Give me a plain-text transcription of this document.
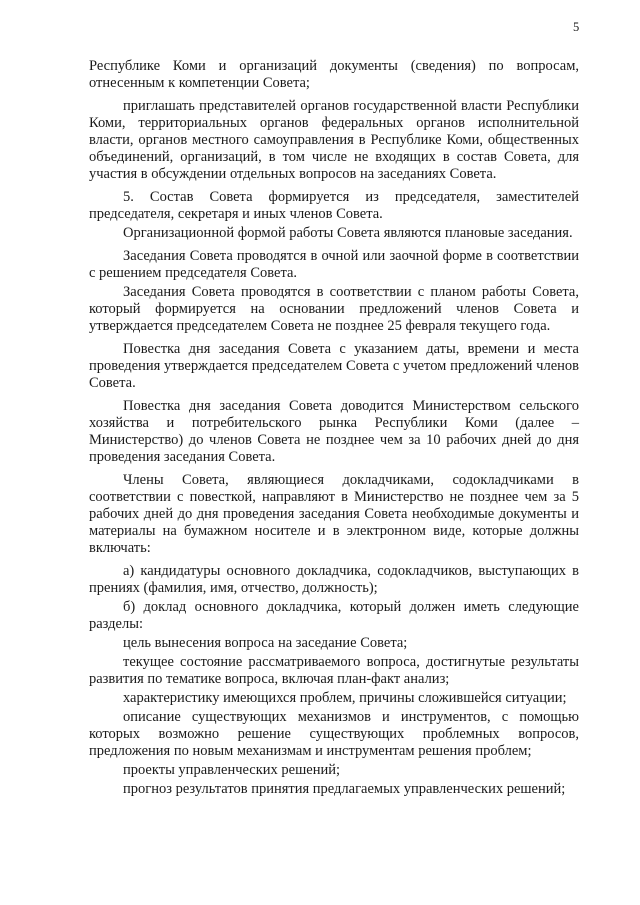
5

Республике Коми и организаций документы (сведения) по вопросам, отнесенным к компетенции Совета;

приглашать представителей органов государственной власти Республики Коми, территориальных органов федеральных органов исполнительной власти, органов местного самоуправления в Республике Коми, общественных объединений, организаций, в том числе не входящих в состав Совета, для участия в обсуждении отдельных вопросов на заседаниях Совета.

5. Состав Совета формируется из председателя, заместителей председателя, секретаря и иных членов Совета.

Организационной формой работы Совета являются плановые заседания.

Заседания Совета проводятся в очной или заочной форме в соответствии с решением председателя Совета.

Заседания Совета проводятся в соответствии с планом работы Совета, который формируется на основании предложений членов Совета и утверждается председателем Совета не позднее 25 февраля текущего года.

Повестка дня заседания Совета с указанием даты, времени и места проведения утверждается председателем Совета с учетом предложений членов Совета.

Повестка дня заседания Совета доводится Министерством сельского хозяйства и потребительского рынка Республики Коми (далее – Министерство) до членов Совета не позднее чем за 10 рабочих дней до дня проведения заседания Совета.

Члены Совета, являющиеся докладчиками, содокладчиками в соответствии с повесткой, направляют в Министерство не позднее чем за 5 рабочих дней до дня проведения заседания Совета необходимые документы и материалы на бумажном носителе и в электронном виде, которые должны включать:

а) кандидатуры основного докладчика, содокладчиков, выступающих в прениях (фамилия, имя, отчество, должность);

б) доклад основного докладчика, который должен иметь следующие разделы:

цель вынесения вопроса на заседание Совета;

текущее состояние рассматриваемого вопроса, достигнутые результаты развития по тематике вопроса, включая план-факт анализ;

характеристику имеющихся проблем, причины сложившейся ситуации;

описание существующих механизмов и инструментов, с помощью которых возможно решение существующих проблемных вопросов, предложения по новым механизмам и инструментам решения проблем;

проекты управленческих решений;

прогноз результатов принятия предлагаемых управленческих решений;
